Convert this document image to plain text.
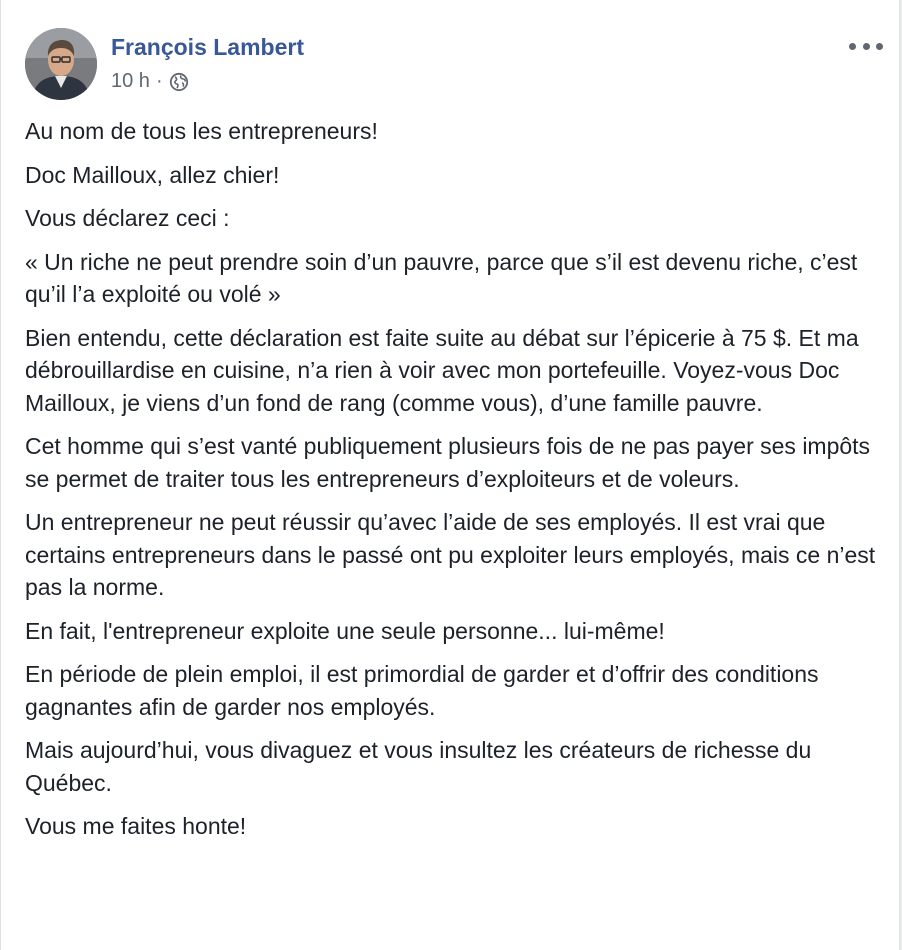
François Lambert
10 h ·

Au nom de tous les entrepreneurs!

Doc Mailloux, allez chier!

Vous déclarez ceci :

« Un riche ne peut prendre soin d’un pauvre, parce que s’il est devenu riche, c’est qu’il l’a exploité ou volé »

Bien entendu, cette déclaration est faite suite au débat sur l’épicerie à 75 $. Et ma débrouillardise en cuisine, n’a rien à voir avec mon portefeuille. Voyez-vous Doc Mailloux, je viens d’un fond de rang (comme vous), d’une famille pauvre.

Cet homme qui s’est vanté publiquement plusieurs fois de ne pas payer ses impôts se permet de traiter tous les entrepreneurs d’exploiteurs et de voleurs.

Un entrepreneur ne peut réussir qu’avec l’aide de ses employés. Il est vrai que certains entrepreneurs dans le passé ont pu exploiter leurs employés, mais ce n’est pas la norme.

En fait, l'entrepreneur exploite une seule personne... lui-même!

En période de plein emploi, il est primordial de garder et d’offrir des conditions gagnantes afin de garder nos employés.

Mais aujourd’hui, vous divaguez et vous insultez les créateurs de richesse du Québec.

Vous me faites honte!
